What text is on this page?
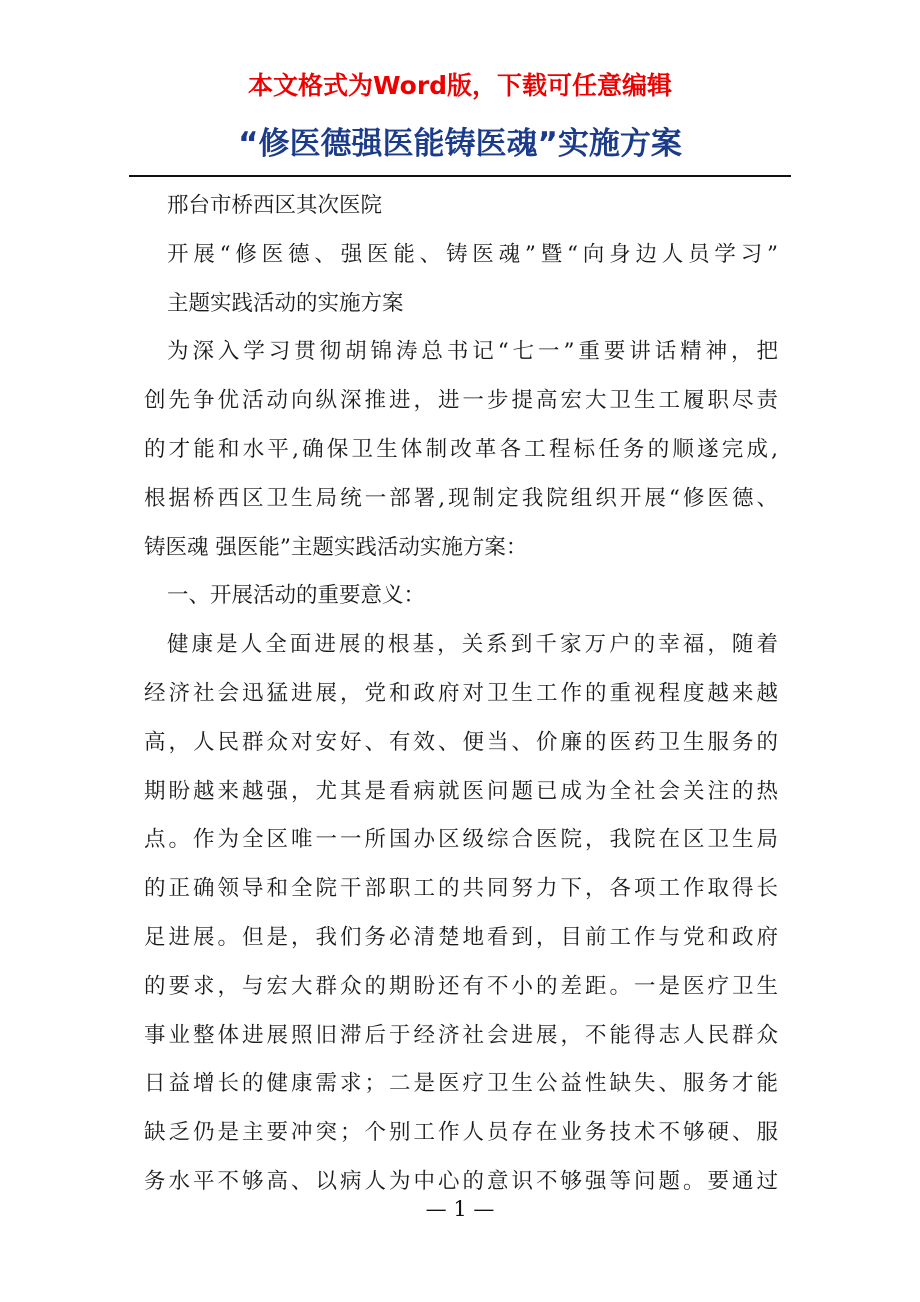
本文格式为Word版，下载可任意编辑
“修医德强医能铸医魂”实施方案
邢台市桥西区其次医院
开展“修医德、强医能、铸医魂”暨“向身边人员学习”
主题实践活动的实施方案
为深入学习贯彻胡锦涛总书记“七一”重要讲话精神，把
创先争优活动向纵深推进，进一步提高宏大卫生工履职尽责
的才能和水平,确保卫生体制改革各工程标任务的顺遂完成,
根据桥西区卫生局统一部署,现制定我院组织开展“修医德、
铸医魂 强医能”主题实践活动实施方案：
一、开展活动的重要意义：
健康是人全面进展的根基，关系到千家万户的幸福，随着
经济社会迅猛进展，党和政府对卫生工作的重视程度越来越
高，人民群众对安好、有效、便当、价廉的医药卫生服务的
期盼越来越强，尤其是看病就医问题已成为全社会关注的热
点。作为全区唯一一所国办区级综合医院，我院在区卫生局
的正确领导和全院干部职工的共同努力下，各项工作取得长
足进展。但是，我们务必清楚地看到，目前工作与党和政府
的要求，与宏大群众的期盼还有不小的差距。一是医疗卫生
事业整体进展照旧滞后于经济社会进展，不能得志人民群众
日益增长的健康需求；二是医疗卫生公益性缺失、服务才能
缺乏仍是主要冲突；个别工作人员存在业务技术不够硬、服
务水平不够高、以病人为中心的意识不够强等问题。要通过
— 1 —
